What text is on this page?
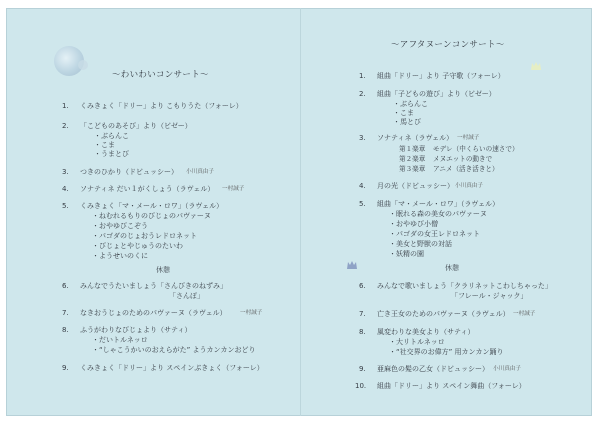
～わいわいコンサート～
1. くみきょく「ドリー」より こもりうた（フォーレ）
2. 「こどものあそび」より（ビゼー）
・ぶらんこ
・こま
・うまとび
3. つきのひかり（ドビュッシー） 小川真由子
4. ソナティネ だい１がくしょう（ラヴェル） 一村誠子
5. くみきょく「マ・メール・ロワ」（ラヴェル）
・ねむれるもりのびじょのパヴァーヌ
・おやゆびこぞう
・パゴダのじょおうレドロネット
・びじょとやじゅうのたいわ
・ようせいのくに
休憩
6. みんなでうたいましょう「さんびきのねずみ」
「さんぽ」
7. なきおうじょのためのパヴァーヌ（ラヴェル） 一村誠子
8. ふうがわりなびじょより（サティ）
・だいトルネッロ
・“しゃこうかいのおえらがた” ようカンカンおどり
9. くみきょく「ドリー」より スペインぶきょく（フォーレ）
～アフタヌーンコンサート～
1. 組曲「ドリー」より 子守歌（フォーレ）
2. 組曲「子どもの遊び」より（ビゼー）
・ぶらんこ
・こま
・馬とび
3. ソナティネ（ラヴェル） 一村誠子
第１楽章 モデレ（中くらいの速さで）
第２楽章 メヌエットの動きで
第３楽章 アニメ（活き活きと）
4. 月の光（ドビュッシー） 小川真由子
5. 組曲「マ・メール・ロワ」（ラヴェル）
・眠れる森の美女のパヴァーヌ
・おやゆび小僧
・パゴダの女王レドロネット
・美女と野獣の対話
・妖精の園
休憩
6. みんなで歌いましょう「クラリネットこわしちゃった」
「フレール・ジャック」
7. 亡き王女のためのパヴァーヌ（ラヴェル） 一村誠子
8. 風変わりな美女より（サティ）
・大リトルネッロ
・“社交界のお偉方” 用カンカン踊り
9. 亜麻色の髪の乙女（ドビュッシー） 小川真由子
10. 組曲「ドリー」より スペイン舞曲（フォーレ）
